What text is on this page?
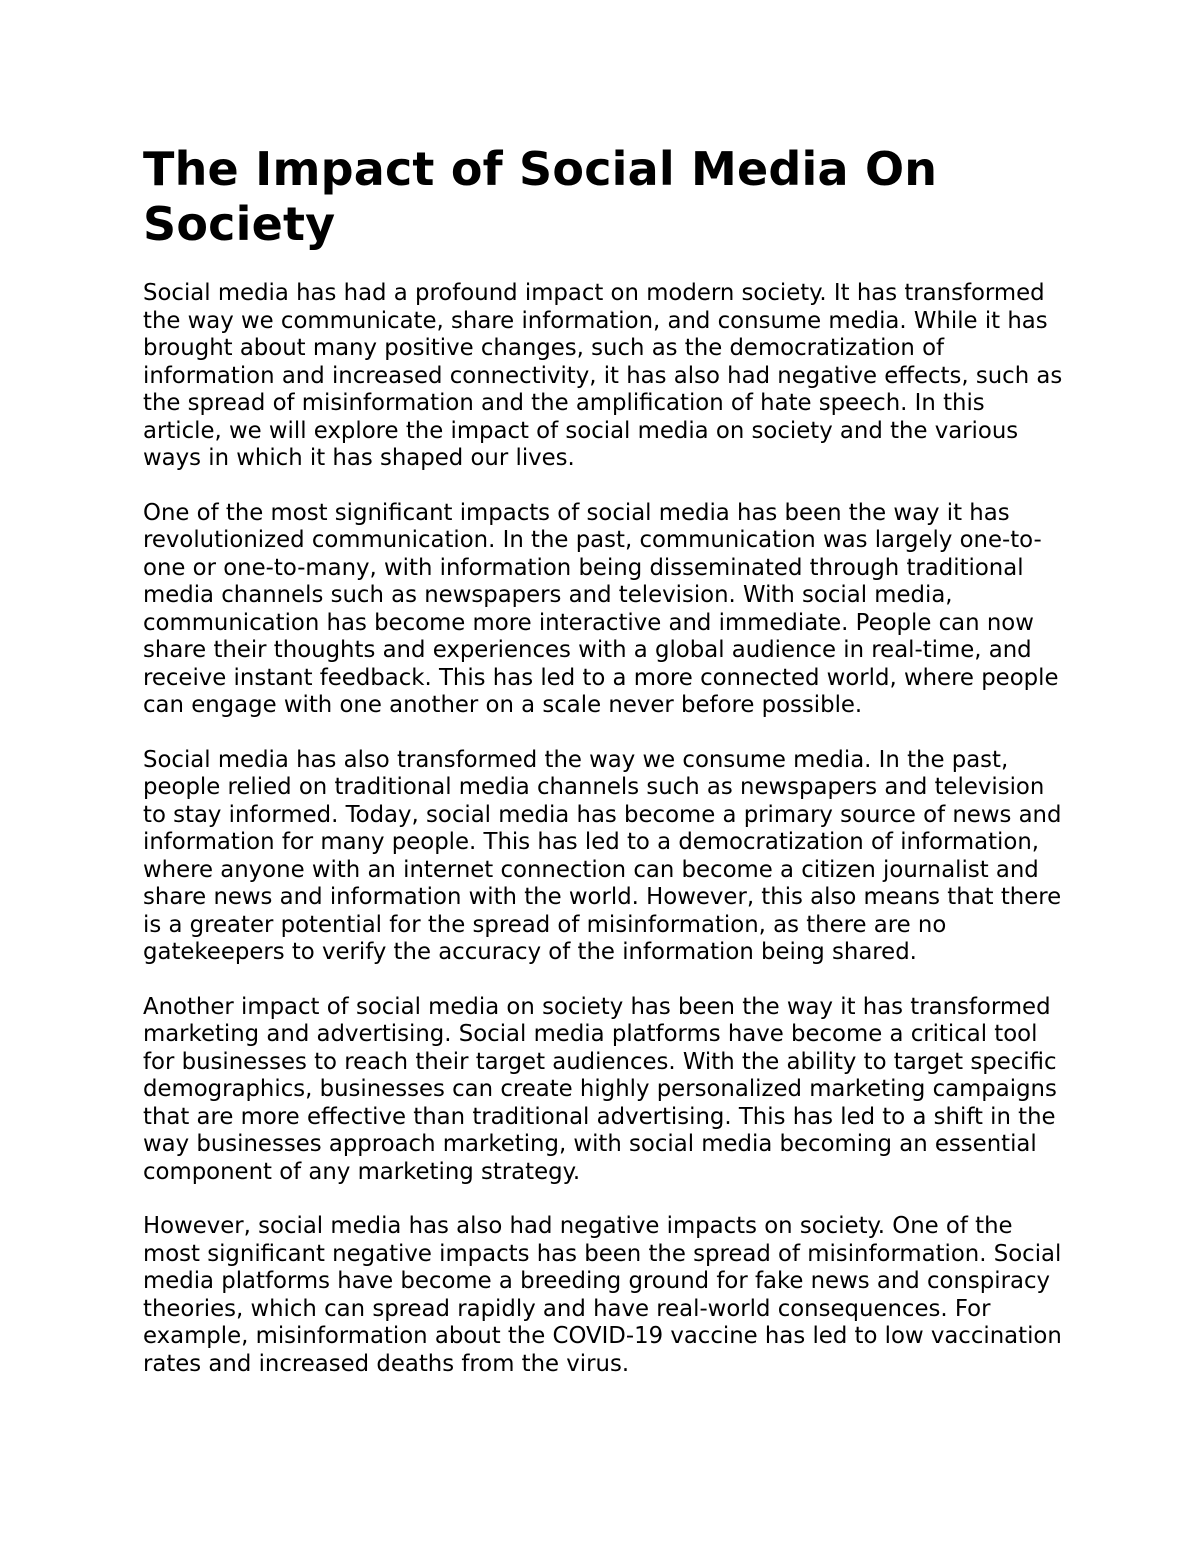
The Impact of Social Media On Society

Social media has had a profound impact on modern society. It has transformed the way we communicate, share information, and consume media. While it has brought about many positive changes, such as the democratization of information and increased connectivity, it has also had negative effects, such as the spread of misinformation and the amplification of hate speech. In this article, we will explore the impact of social media on society and the various ways in which it has shaped our lives.

One of the most significant impacts of social media has been the way it has revolutionized communication. In the past, communication was largely one-to-one or one-to-many, with information being disseminated through traditional media channels such as newspapers and television. With social media, communication has become more interactive and immediate. People can now share their thoughts and experiences with a global audience in real-time, and receive instant feedback. This has led to a more connected world, where people can engage with one another on a scale never before possible.

Social media has also transformed the way we consume media. In the past, people relied on traditional media channels such as newspapers and television to stay informed. Today, social media has become a primary source of news and information for many people. This has led to a democratization of information, where anyone with an internet connection can become a citizen journalist and share news and information with the world. However, this also means that there is a greater potential for the spread of misinformation, as there are no gatekeepers to verify the accuracy of the information being shared.

Another impact of social media on society has been the way it has transformed marketing and advertising. Social media platforms have become a critical tool for businesses to reach their target audiences. With the ability to target specific demographics, businesses can create highly personalized marketing campaigns that are more effective than traditional advertising. This has led to a shift in the way businesses approach marketing, with social media becoming an essential component of any marketing strategy.

However, social media has also had negative impacts on society. One of the most significant negative impacts has been the spread of misinformation. Social media platforms have become a breeding ground for fake news and conspiracy theories, which can spread rapidly and have real-world consequences. For example, misinformation about the COVID-19 vaccine has led to low vaccination rates and increased deaths from the virus.
